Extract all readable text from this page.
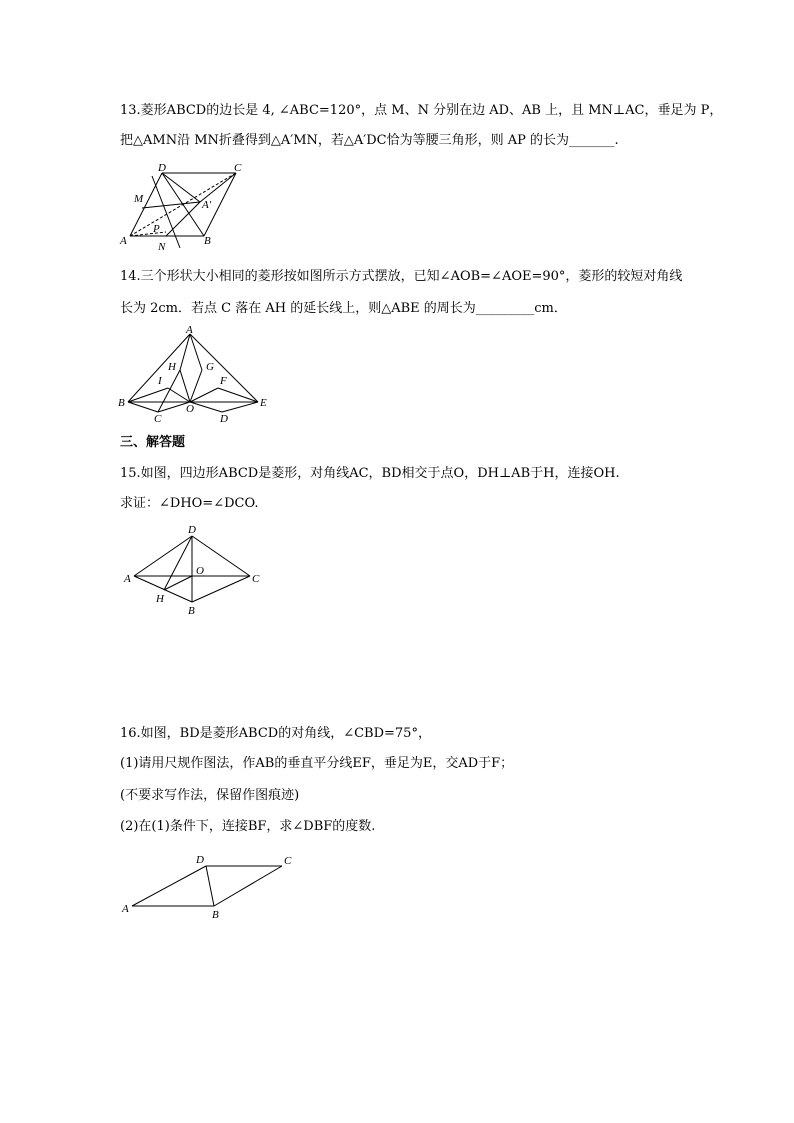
13.菱形ABCD的边长是 4, ∠ABC=120°，点 M、N 分别在边 AD、AB 上，且 MN⊥AC，垂足为 P，
把△AMN沿 MN折叠得到△A′MN，若△A′DC恰为等腰三角形，则 AP 的长为_______.
D	C
M	A′
P
A	N	B
14.三个形状大小相同的菱形按如图所示方式摆放，已知∠AOB=∠AOE=90°，菱形的较短对角线
长为 2cm．若点 C 落在 AH 的延长线上，则△ABE 的周长为_________cm．
A
H	G
I	F
B	O	E
C	D
三、解答题
15.如图，四边形ABCD是菱形，对角线AC，BD相交于点O，DH⊥AB于H，连接OH.
求证：∠DHO=∠DCO.
D
A
O
C
H
B
16.如图，BD是菱形ABCD的对角线，∠CBD=75°，
(1)请用尺规作图法，作AB的垂直平分线EF，垂足为E，交AD于F；
(不要求写作法，保留作图痕迹)
(2)在(1)条件下，连接BF，求∠DBF的度数.
D	C
A	B
